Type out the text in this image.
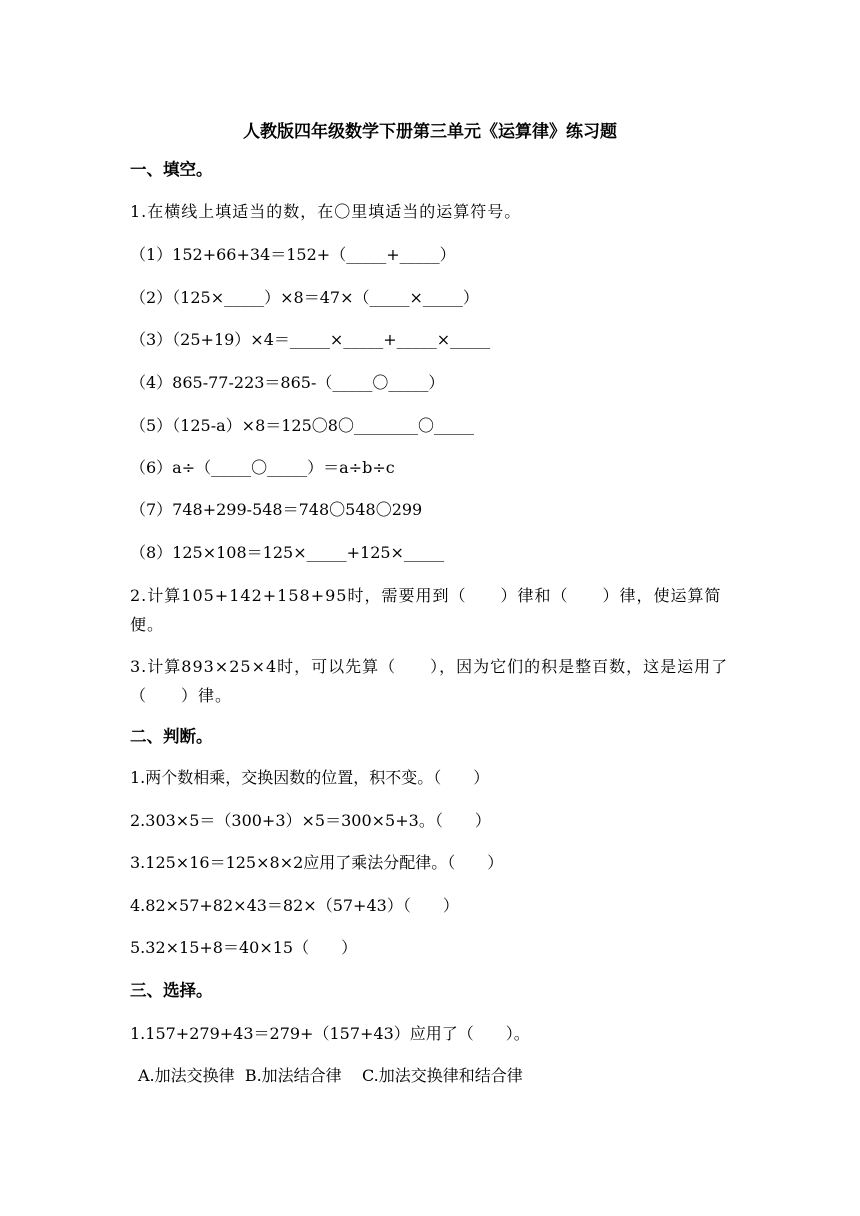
人教版四年级数学下册第三单元《运算律》练习题
一、填空。
1.在横线上填适当的数，在〇里填适当的运算符号。
（1）152+66+34＝152+（_____+_____）
（2）（125×_____）×8＝47×（_____×_____）
（3）（25+19）×4＝_____×_____+_____×_____
（4）865-77-223＝865-（_____〇_____）
（5）（125-a）×8＝125〇8〇________〇_____
（6）a÷（_____〇_____）＝a÷b÷c
（7）748+299-548＝748〇548〇299
（8）125×108＝125×_____+125×_____
2.计算105+142+158+95时，需要用到（　　）律和（　　）律，使运算简便。
3.计算893×25×4时，可以先算（　　），因为它们的积是整百数，这是运用了（　　）律。
二、判断。
1.两个数相乘，交换因数的位置，积不变。（　　）
2.303×5＝（300+3）×5＝300×5+3。（　　）
3.125×16＝125×8×2应用了乘法分配律。（　　）
4.82×57+82×43＝82×（57+43）（　　）
5.32×15+8＝40×15（　　）
三、选择。
1.157+279+43＝279+（157+43）应用了（　　）。
A.加法交换律  B.加法结合律    C.加法交换律和结合律
